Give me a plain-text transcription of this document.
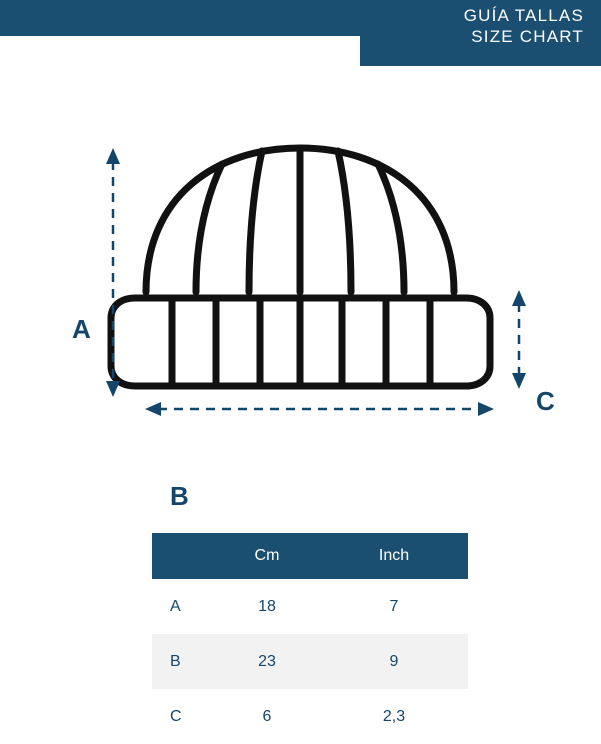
GUÍA TALLAS
SIZE CHART
A
B
C
	Cm	Inch
A	18	7
B	23	9
C	6	2,3
